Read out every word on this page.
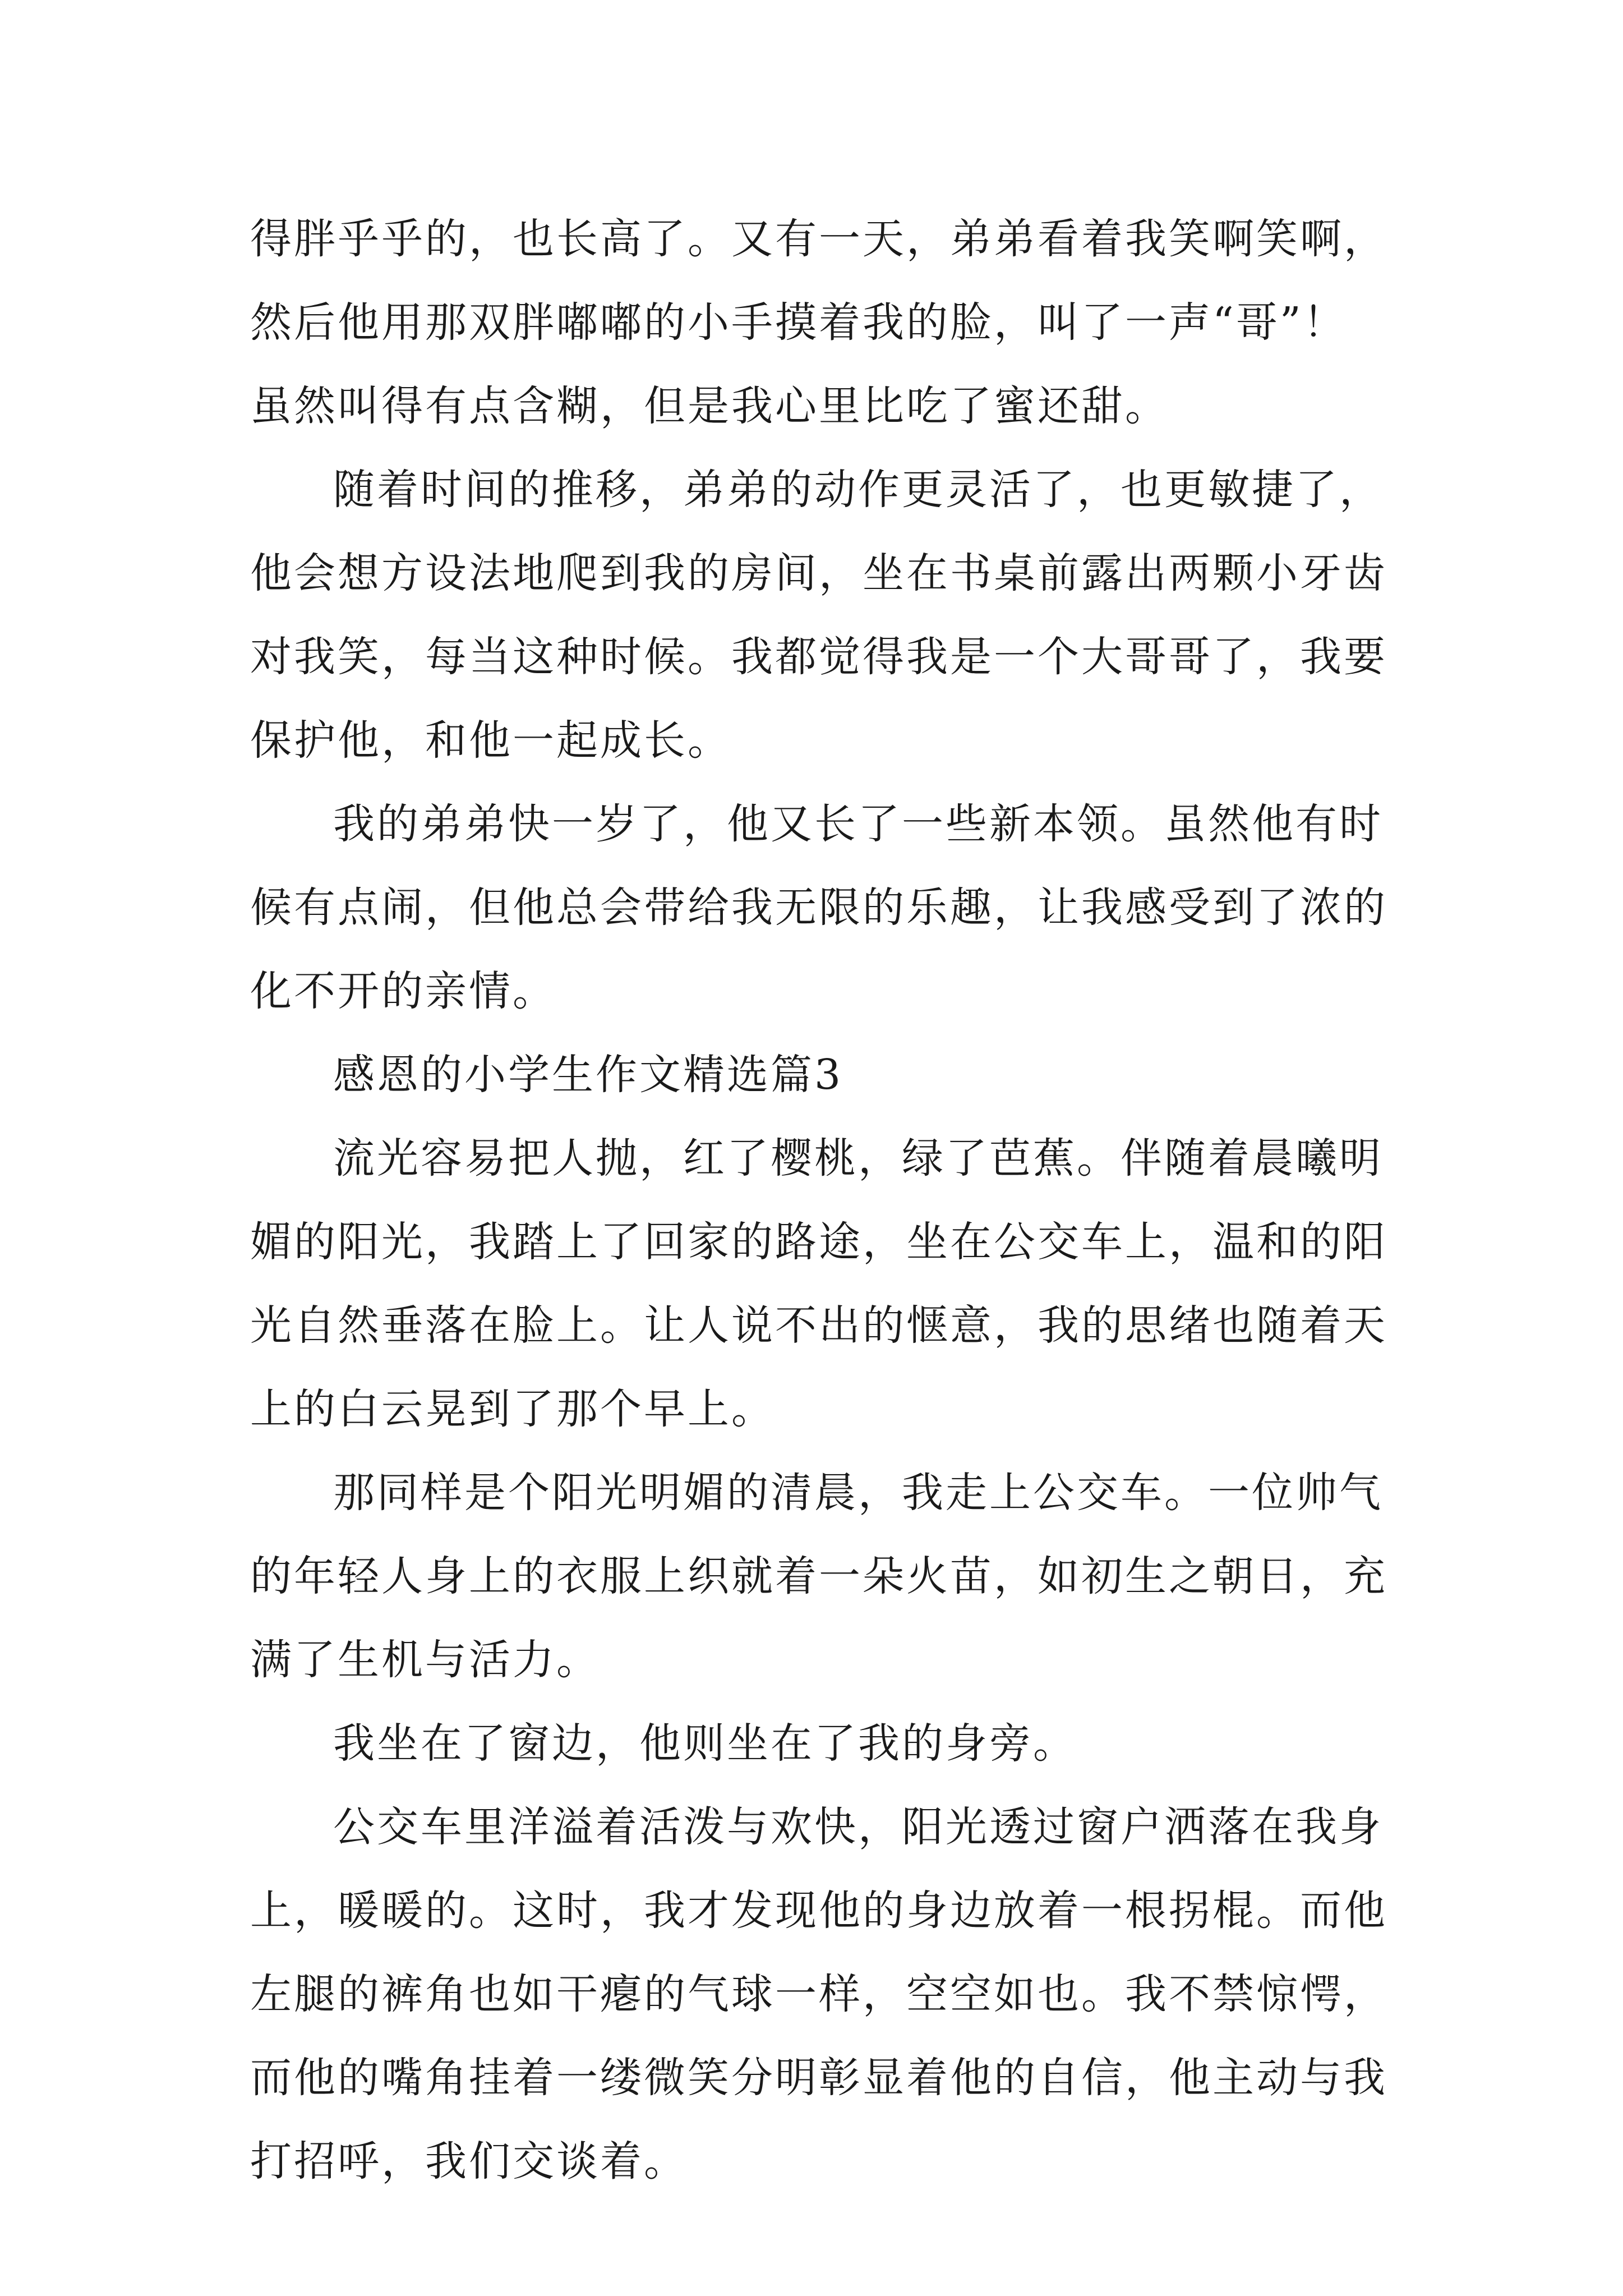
得胖乎乎的，也长高了。又有一天，弟弟看着我笑啊笑啊，
然后他用那双胖嘟嘟的小手摸着我的脸，叫了一声“哥”！
虽然叫得有点含糊，但是我心里比吃了蜜还甜。

随着时间的推移，弟弟的动作更灵活了，也更敏捷了，
他会想方设法地爬到我的房间，坐在书桌前露出两颗小牙齿
对我笑，每当这种时候。我都觉得我是一个大哥哥了，我要
保护他，和他一起成长。

我的弟弟快一岁了，他又长了一些新本领。虽然他有时
候有点闹，但他总会带给我无限的乐趣，让我感受到了浓的
化不开的亲情。

感恩的小学生作文精选篇3

流光容易把人抛，红了樱桃，绿了芭蕉。伴随着晨曦明
媚的阳光，我踏上了回家的路途，坐在公交车上，温和的阳
光自然垂落在脸上。让人说不出的惬意，我的思绪也随着天
上的白云晃到了那个早上。

那同样是个阳光明媚的清晨，我走上公交车。一位帅气
的年轻人身上的衣服上织就着一朵火苗，如初生之朝日，充
满了生机与活力。

我坐在了窗边，他则坐在了我的身旁。

公交车里洋溢着活泼与欢快，阳光透过窗户洒落在我身
上，暖暖的。这时，我才发现他的身边放着一根拐棍。而他
左腿的裤角也如干瘪的气球一样，空空如也。我不禁惊愕，
而他的嘴角挂着一缕微笑分明彰显着他的自信，他主动与我
打招呼，我们交谈着。
